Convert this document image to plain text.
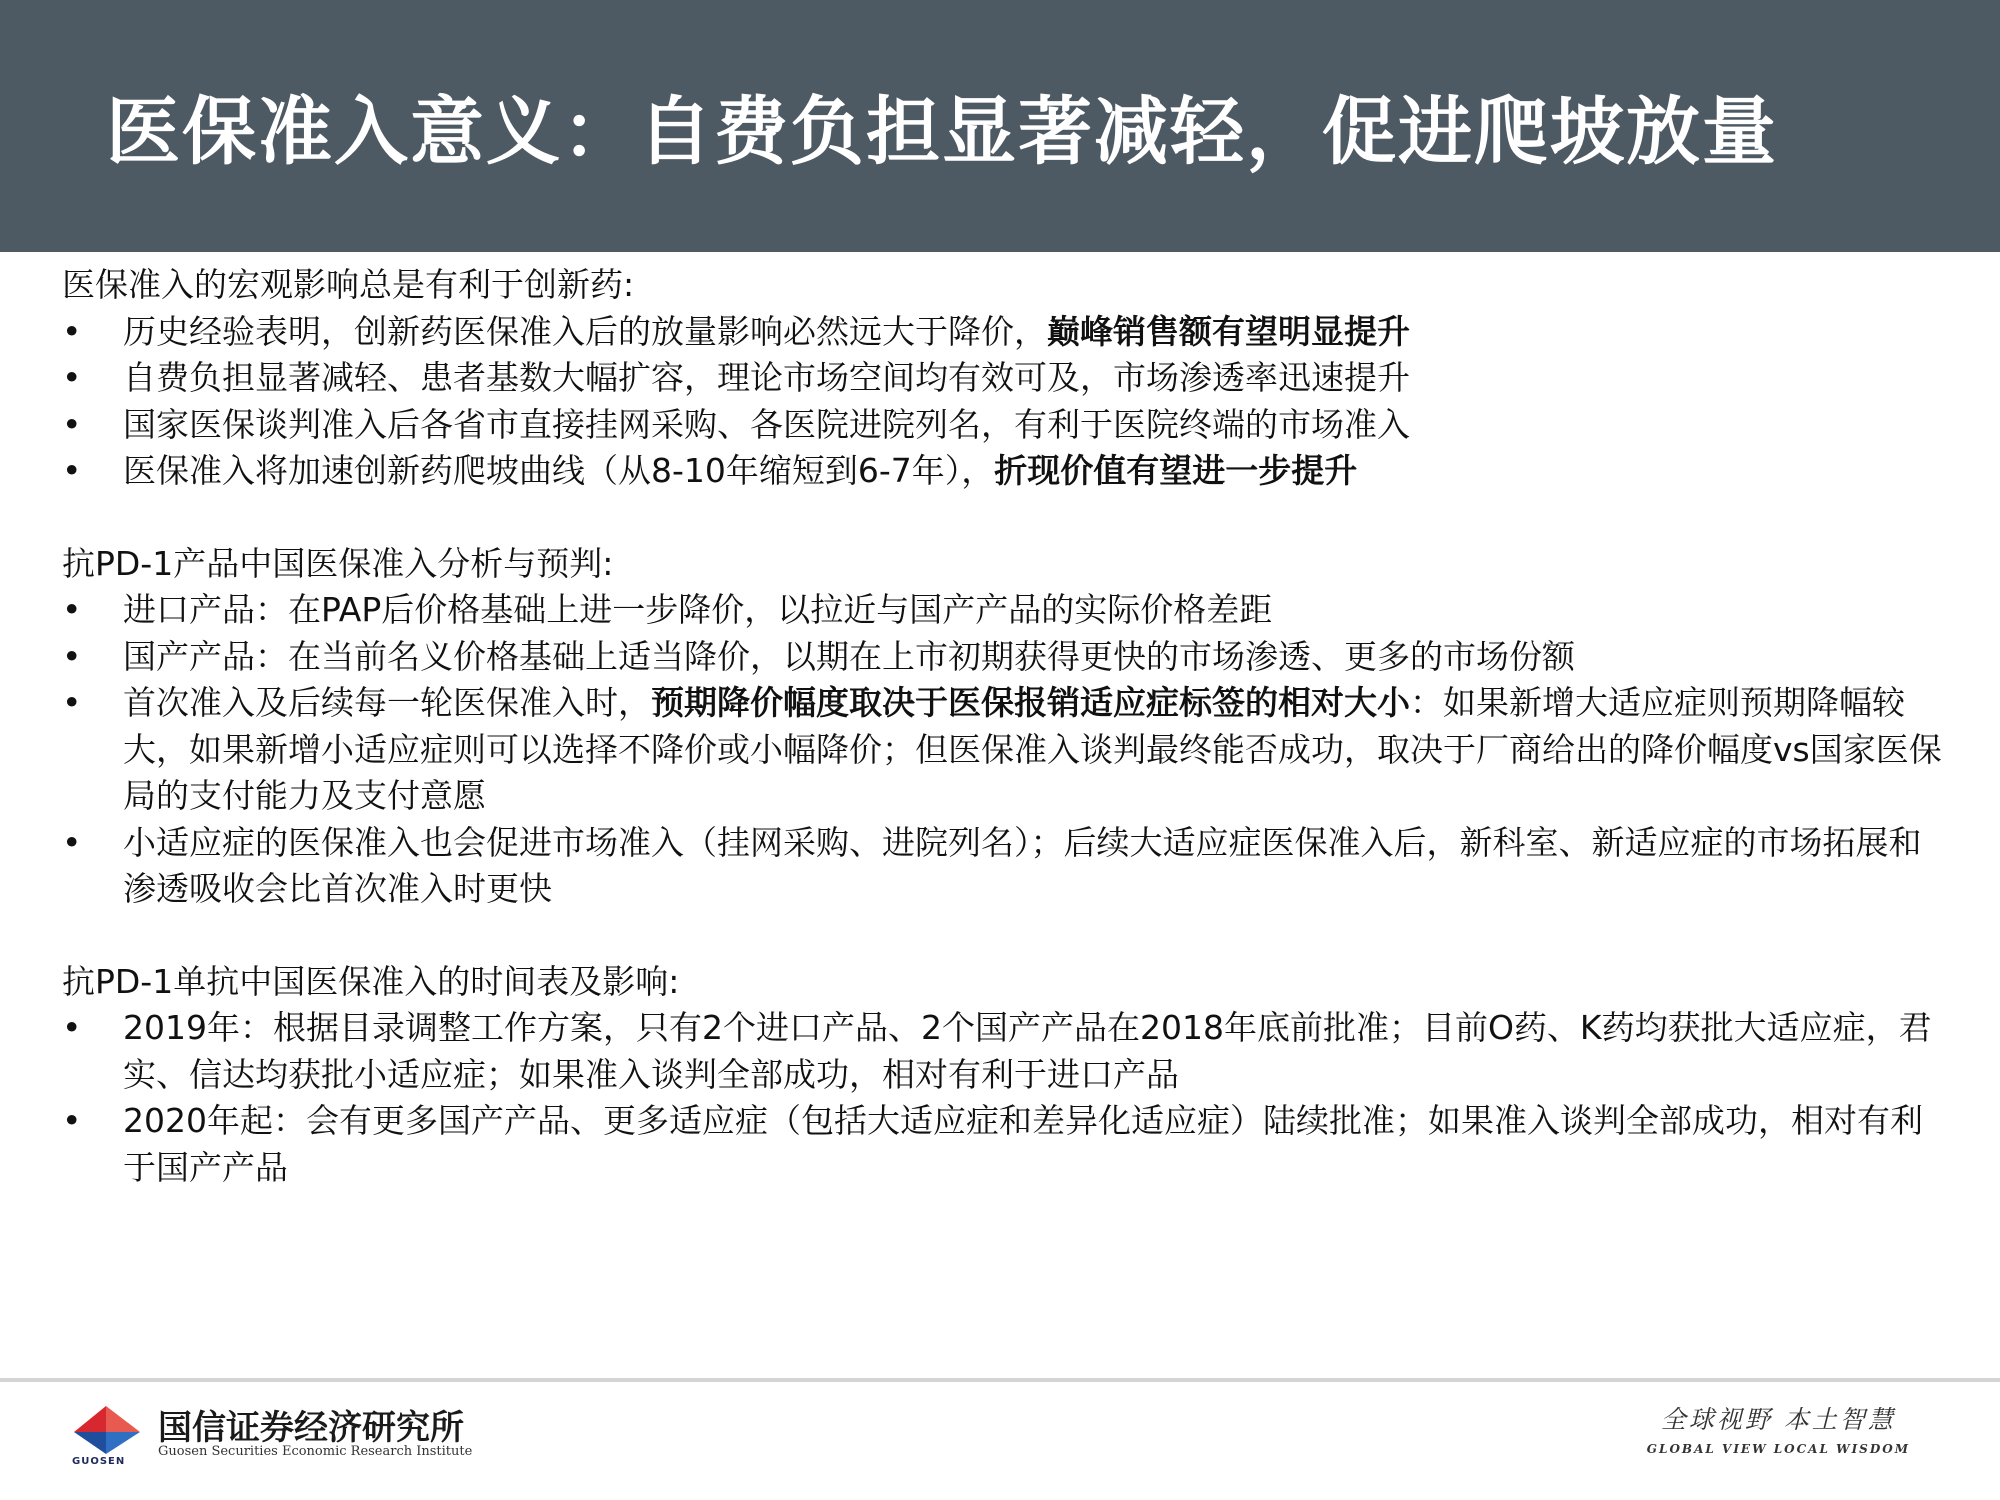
医保准入意义：自费负担显著减轻，促进爬坡放量

医保准入的宏观影响总是有利于创新药:

• 历史经验表明，创新药医保准入后的放量影响必然远大于降价，巅峰销售额有望明显提升
• 自费负担显著减轻、患者基数大幅扩容，理论市场空间均有效可及，市场渗透率迅速提升
• 国家医保谈判准入后各省市直接挂网采购、各医院进院列名，有利于医院终端的市场准入
• 医保准入将加速创新药爬坡曲线（从8-10年缩短到6-7年），折现价值有望进一步提升

抗PD-1产品中国医保准入分析与预判:

• 进口产品：在PAP后价格基础上进一步降价，以拉近与国产产品的实际价格差距
• 国产产品：在当前名义价格基础上适当降价，以期在上市初期获得更快的市场渗透、更多的市场份额
• 首次准入及后续每一轮医保准入时，预期降价幅度取决于医保报销适应症标签的相对大小：如果新增大适应症则预期降幅较大，如果新增小适应症则可以选择不降价或小幅降价；但医保准入谈判最终能否成功，取决于厂商给出的降价幅度vs国家医保局的支付能力及支付意愿
• 小适应症的医保准入也会促进市场准入（挂网采购、进院列名）；后续大适应症医保准入后，新科室、新适应症的市场拓展和渗透吸收会比首次准入时更快

抗PD-1单抗中国医保准入的时间表及影响:

• 2019年：根据目录调整工作方案，只有2个进口产品、2个国产产品在2018年底前批准；目前O药、K药均获批大适应症，君实、信达均获批小适应症；如果准入谈判全部成功，相对有利于进口产品
• 2020年起：会有更多国产产品、更多适应症（包括大适应症和差异化适应症）陆续批准；如果准入谈判全部成功，相对有利于国产产品
GUOSEN
国信证券经济研究所
Guosen Securities Economic Research Institute
全球视野 本土智慧
GLOBAL VIEW LOCAL WISDOM
